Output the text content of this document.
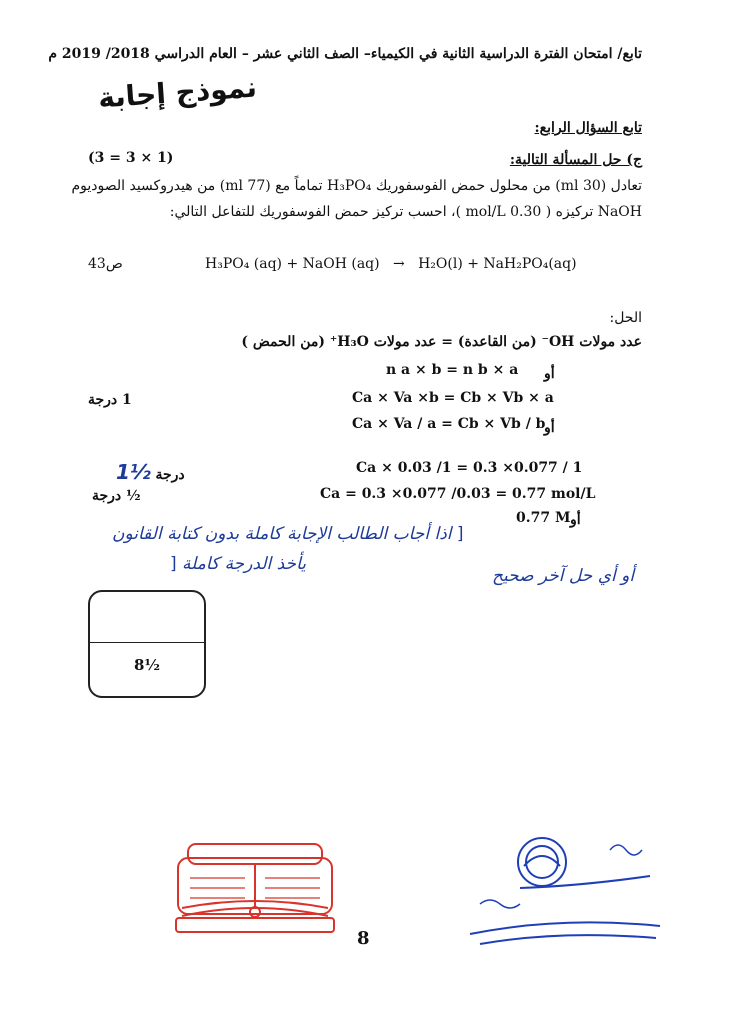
تابع/ امتحان الفترة الدراسية الثانية في الكيمياء– الصف الثاني عشر – العام الدراسي 2018/ 2019 م
نموذج إجابة
تابع السؤال الرابع:
ج) حل المسألة التالية:
(3 = 3 × 1)
تعادل (30 ml) من محلول حمض الفوسفوريك H₃PO₄ تماماً مع (77 ml) من هيدروكسيد الصوديوم
NaOH تركيزه ( 0.30 mol/L )، احسب تركيز حمض الفوسفوريك للتفاعل التالي:
ص43	H₃PO₄ (aq) + NaOH (aq) → H₂O(l) + NaH₂PO₄(aq)
الحل:
عدد مولات OH⁻ (من القاعدة) = عدد مولات H₃O⁺ (من الحمض )
أو
n a × b = n b × a
1 درجة	Ca × Va ×b = Cb × Vb × a
أو
Ca × Va / a = Cb × Vb / b
1½ درجة	Ca × 0.03 /1 = 0.3 ×0.077 / 1
½ درجة	Ca = 0.3 ×0.077 /0.03 = 0.77 mol/L
أو
0.77 M
[ اذا أجاب الطالب الإجابة كاملة بدون كتابة القانون
يأخذ الدرجة كاملة [
أو أي حل آخر صحيح
8½
8
